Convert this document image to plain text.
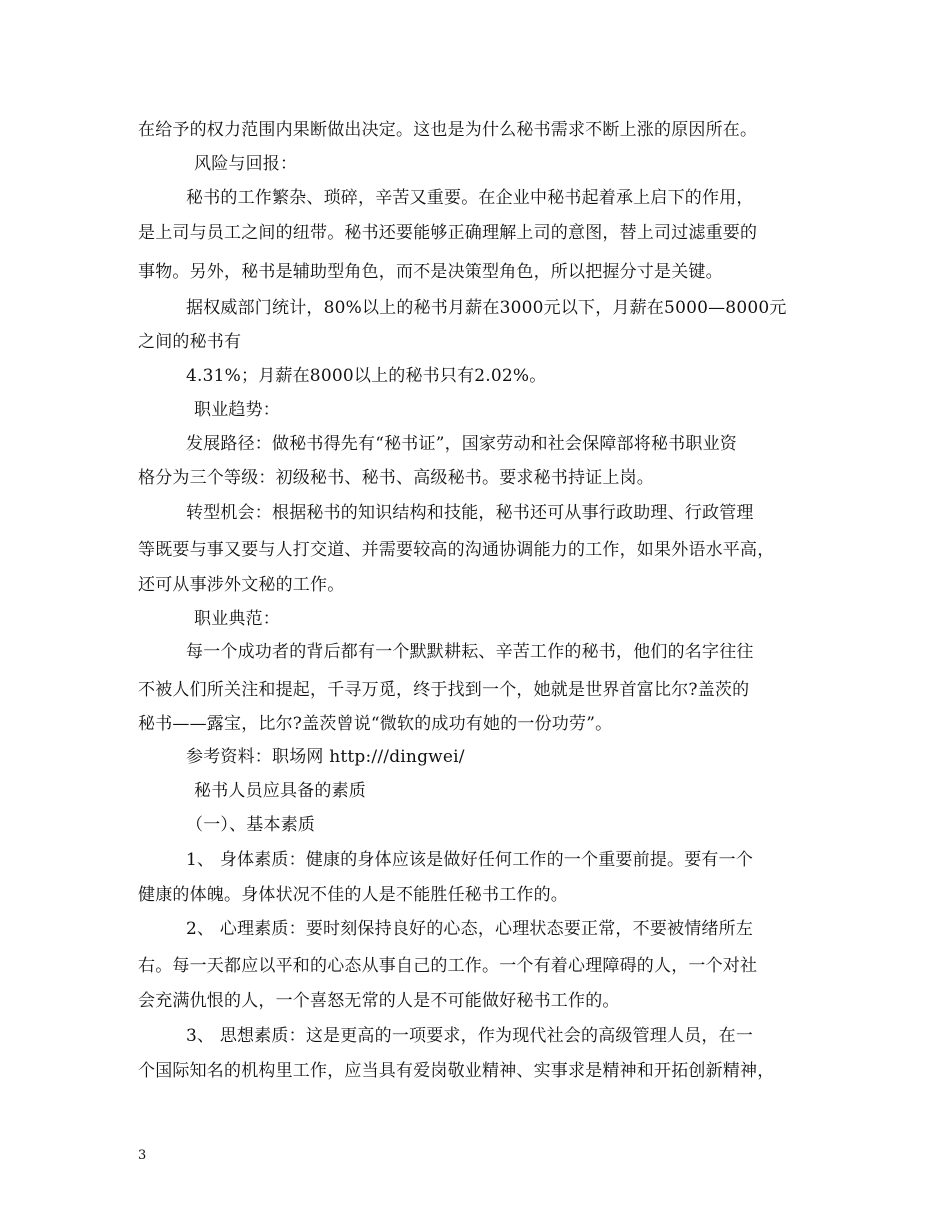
在给予的权力范围内果断做出决定。这也是为什么秘书需求不断上涨的原因所在。
风险与回报：
秘书的工作繁杂、琐碎，辛苦又重要。在企业中秘书起着承上启下的作用，
是上司与员工之间的纽带。秘书还要能够正确理解上司的意图，替上司过滤重要的
事物。另外，秘书是辅助型角色，而不是决策型角色，所以把握分寸是关键。
据权威部门统计，80%以上的秘书月薪在3000元以下，月薪在5000—8000元
之间的秘书有
4.31%；月薪在8000以上的秘书只有2.02%。
职业趋势：
发展路径：做秘书得先有“秘书证”，国家劳动和社会保障部将秘书职业资
格分为三个等级：初级秘书、秘书、高级秘书。要求秘书持证上岗。
转型机会：根据秘书的知识结构和技能，秘书还可从事行政助理、行政管理
等既要与事又要与人打交道、并需要较高的沟通协调能力的工作，如果外语水平高，
还可从事涉外文秘的工作。
职业典范：
每一个成功者的背后都有一个默默耕耘、辛苦工作的秘书，他们的名字往往
不被人们所关注和提起，千寻万觅，终于找到一个，她就是世界首富比尔?盖茨的
秘书——露宝，比尔?盖茨曾说“微软的成功有她的一份功劳”。
参考资料：职场网 http:///dingwei/
秘书人员应具备的素质
（一）、基本素质
1、 身体素质：健康的身体应该是做好任何工作的一个重要前提。要有一个
健康的体魄。身体状况不佳的人是不能胜任秘书工作的。
2、 心理素质：要时刻保持良好的心态，心理状态要正常，不要被情绪所左
右。每一天都应以平和的心态从事自己的工作。一个有着心理障碍的人，一个对社
会充满仇恨的人，一个喜怒无常的人是不可能做好秘书工作的。
3、 思想素质：这是更高的一项要求，作为现代社会的高级管理人员，在一
个国际知名的机构里工作，应当具有爱岗敬业精神、实事求是精神和开拓创新精神，
3
